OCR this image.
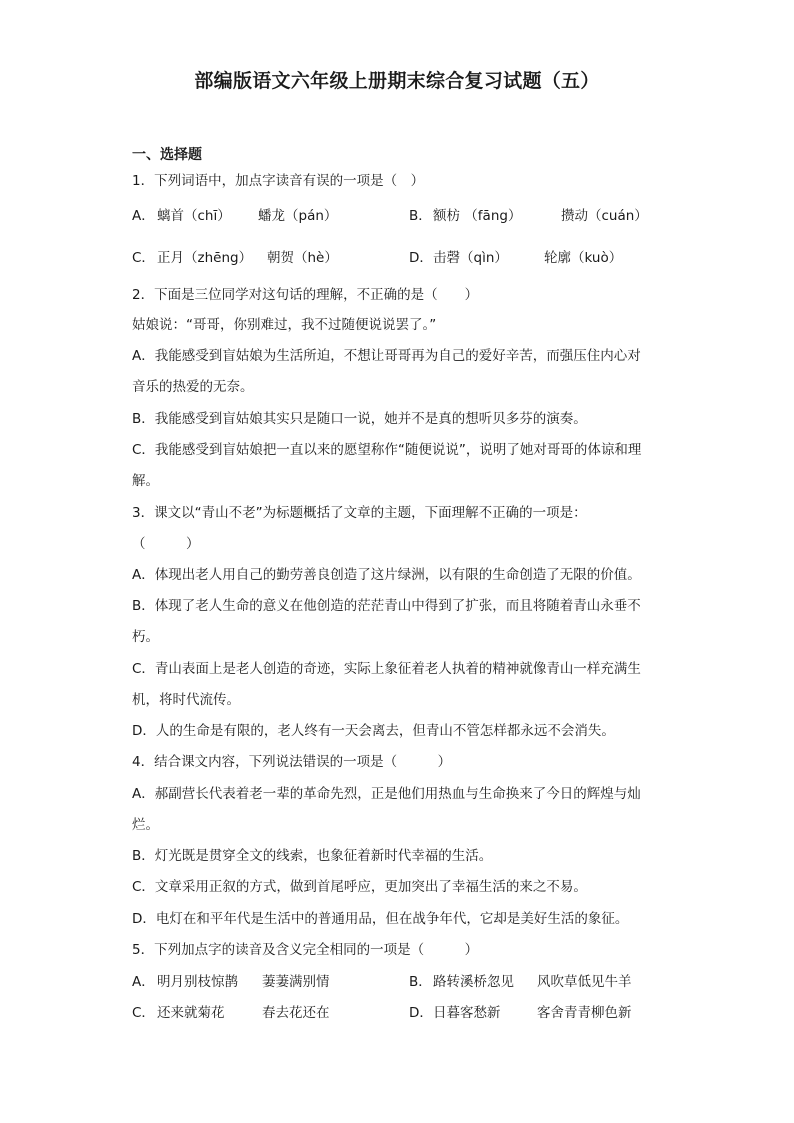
部编版语文六年级上册期末综合复习试题（五）
一、选择题
1．下列词语中，加点字读音有误的一项是（　）
A． 螭首（chī） 蟠龙（pán）	B． 额枋 （fāng）	攒动（cuán）
C． 正月（zhēng） 朝贺（hè）	D． 击磬（qìn）	轮廓（kuò）
2．下面是三位同学对这句话的理解，不正确的是（　　）
姑娘说：“哥哥，你别难过，我不过随便说说罢了。”
A．我能感受到盲姑娘为生活所迫，不想让哥哥再为自己的爱好辛苦，而强压住内心对
音乐的热爱的无奈。
B．我能感受到盲姑娘其实只是随口一说，她并不是真的想听贝多芬的演奏。
C．我能感受到盲姑娘把一直以来的愿望称作“随便说说”，说明了她对哥哥的体谅和理
解。
3．课文以“青山不老”为标题概括了文章的主题，下面理解不正确的一项是：
（　　　）
A．体现出老人用自己的勤劳善良创造了这片绿洲，以有限的生命创造了无限的价值。
B．体现了老人生命的意义在他创造的茫茫青山中得到了扩张，而且将随着青山永垂不
朽。
C．青山表面上是老人创造的奇迹，实际上象征着老人执着的精神就像青山一样充满生
机，将时代流传。
D．人的生命是有限的，老人终有一天会离去，但青山不管怎样都永远不会消失。
4．结合课文内容，下列说法错误的一项是（　　　）
A．郝副营长代表着老一辈的革命先烈，正是他们用热血与生命换来了今日的辉煌与灿
烂。
B．灯光既是贯穿全文的线索，也象征着新时代幸福的生活。
C．文章采用正叙的方式，做到首尾呼应，更加突出了幸福生活的来之不易。
D．电灯在和平年代是生活中的普通用品，但在战争年代，它却是美好生活的象征。
5．下列加点字的读音及含义完全相同的一项是（　　　）
A． 明月别枝惊鹊 萋萋满别情	B． 路转溪桥忽见 风吹草低见牛羊
C． 还来就菊花	春去花还在	D． 日暮客愁新	客舍青青柳色新
